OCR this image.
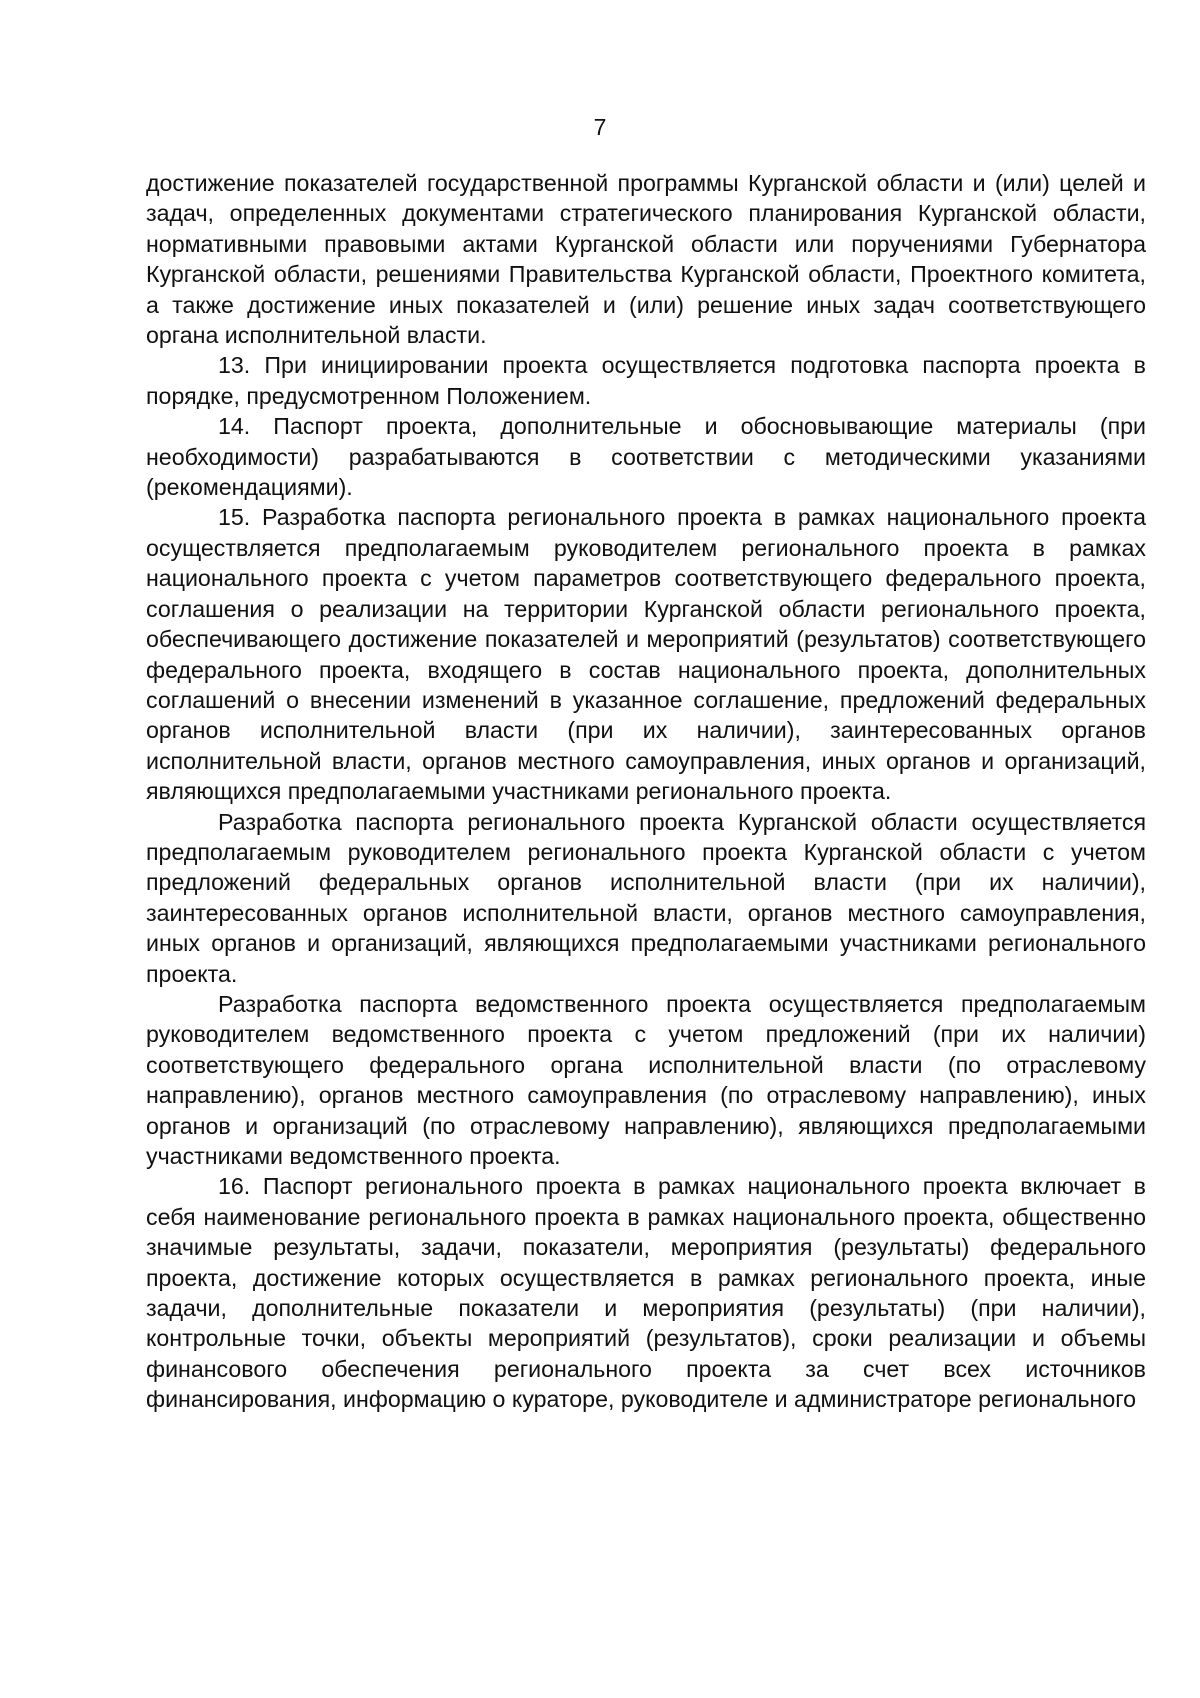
7

достижение показателей государственной программы Курганской области и (или) целей и задач, определенных документами стратегического планирования Курганской области, нормативными правовыми актами Курганской области или поручениями Губернатора Курганской области, решениями Правительства Курганской области, Проектного комитета, а также достижение иных показателей и (или) решение иных задач соответствующего органа исполнительной власти.

13. При инициировании проекта осуществляется подготовка паспорта проекта в порядке, предусмотренном Положением.

14. Паспорт проекта, дополнительные и обосновывающие материалы (при необходимости) разрабатываются в соответствии с методическими указаниями (рекомендациями).

15. Разработка паспорта регионального проекта в рамках национального проекта осуществляется предполагаемым руководителем регионального проекта в рамках национального проекта с учетом параметров соответствующего федерального проекта, соглашения о реализации на территории Курганской области регионального проекта, обеспечивающего достижение показателей и мероприятий (результатов) соответствующего федерального проекта, входящего в состав национального проекта, дополнительных соглашений о внесении изменений в указанное соглашение, предложений федеральных органов исполнительной власти (при их наличии), заинтересованных органов исполнительной власти, органов местного самоуправления, иных органов и организаций, являющихся предполагаемыми участниками регионального проекта.

Разработка паспорта регионального проекта Курганской области осуществляется предполагаемым руководителем регионального проекта Курганской области с учетом предложений федеральных органов исполнительной власти (при их наличии), заинтересованных органов исполнительной власти, органов местного самоуправления, иных органов и организаций, являющихся предполагаемыми участниками регионального проекта.

Разработка паспорта ведомственного проекта осуществляется предполагаемым руководителем ведомственного проекта с учетом предложений (при их наличии) соответствующего федерального органа исполнительной власти (по отраслевому направлению), органов местного самоуправления (по отраслевому направлению), иных органов и организаций (по отраслевому направлению), являющихся предполагаемыми участниками ведомственного проекта.

16. Паспорт регионального проекта в рамках национального проекта включает в себя наименование регионального проекта в рамках национального проекта, общественно значимые результаты, задачи, показатели, мероприятия (результаты) федерального проекта, достижение которых осуществляется в рамках регионального проекта, иные задачи, дополнительные показатели и мероприятия (результаты) (при наличии), контрольные точки, объекты мероприятий (результатов), сроки реализации и объемы финансового обеспечения регионального проекта за счет всех источников финансирования, информацию о кураторе, руководителе и администраторе регионального
